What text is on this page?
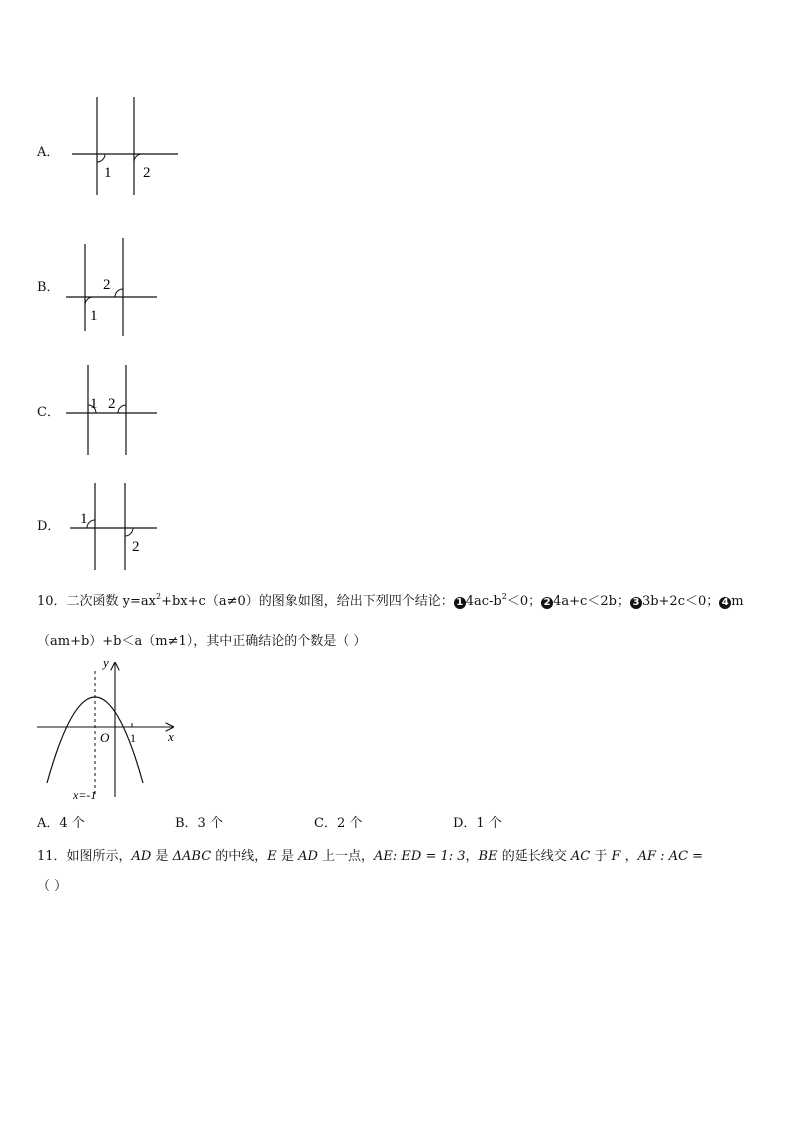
A．
1 2
B．
1
2
C．
1 2
D． 1
2
10．二次函数 $y=ax^2+bx+c(a\ne 0)$的图象如图，给出下列四个结论： 1 $4ac-b^2<0$； 2 4a+c＜2b； 3 3b+2c＜0； 4 m
（am+b）+b＜a（m≠1），其中正确结论的个数是（ ）
y
x
O 1
x=-1
A．4 个	B．3 个	C．2 个	D．1 个
11．如图所示，AD 是 ΔABC 的中线，E 是 AD 上一点，AE: ED = 1: 3，BE 的延长线交 AC 于 F ，AF : AC =
（ ）
